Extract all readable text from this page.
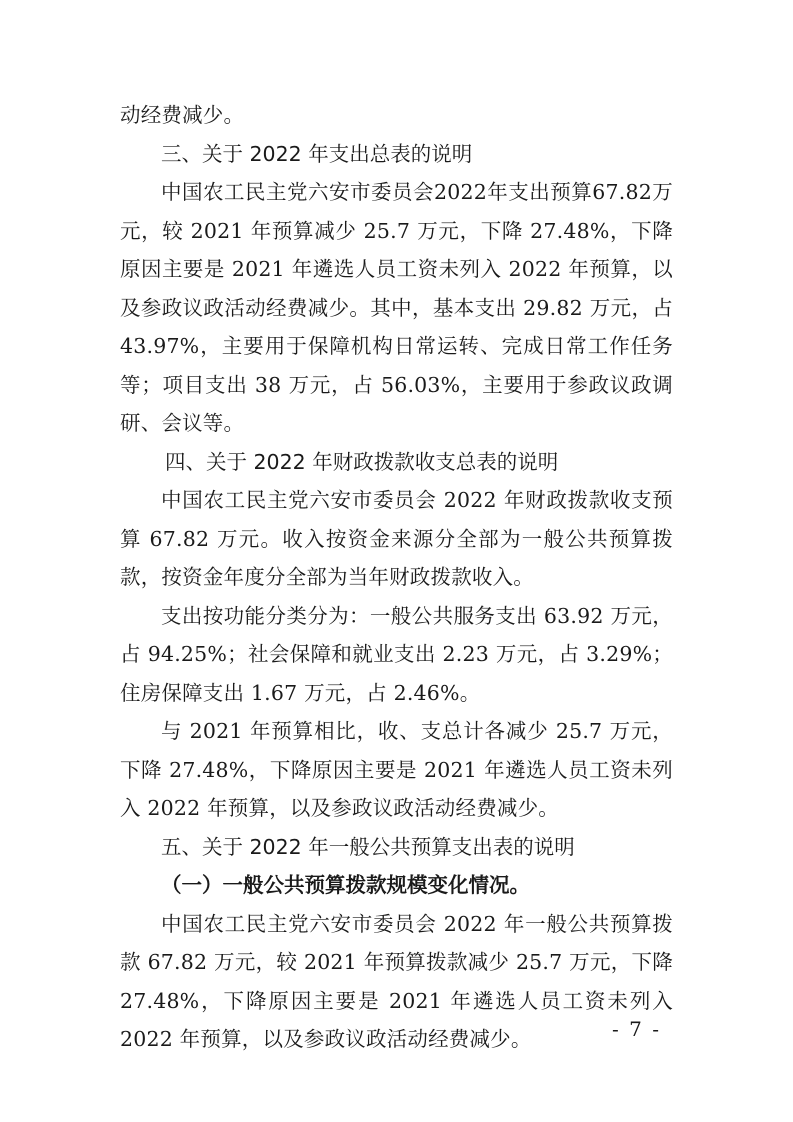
动经费减少。

三、关于 2022 年支出总表的说明

中国农工民主党六安市委员会2022年支出预算67.82万元，较 2021 年预算减少 25.7 万元，下降 27.48%，下降原因主要是 2021 年遴选人员工资未列入 2022 年预算，以及参政议政活动经费减少。其中，基本支出 29.82 万元，占 43.97%，主要用于保障机构日常运转、完成日常工作任务等；项目支出 38 万元，占 56.03%，主要用于参政议政调研、会议等。

四、关于 2022 年财政拨款收支总表的说明

中国农工民主党六安市委员会 2022 年财政拨款收支预算 67.82 万元。收入按资金来源分全部为一般公共预算拨款，按资金年度分全部为当年财政拨款收入。

支出按功能分类分为：一般公共服务支出 63.92 万元，占 94.25%；社会保障和就业支出 2.23 万元，占 3.29%；住房保障支出 1.67 万元，占 2.46%。

与 2021 年预算相比，收、支总计各减少 25.7 万元，下降 27.48%，下降原因主要是 2021 年遴选人员工资未列入 2022 年预算，以及参政议政活动经费减少。

五、关于 2022 年一般公共预算支出表的说明

（一）一般公共预算拨款规模变化情况。

中国农工民主党六安市委员会 2022 年一般公共预算拨款 67.82 万元，较 2021 年预算拨款减少 25.7 万元，下降 27.48%，下降原因主要是 2021 年遴选人员工资未列入 2022 年预算，以及参政议政活动经费减少。	- 7 -
